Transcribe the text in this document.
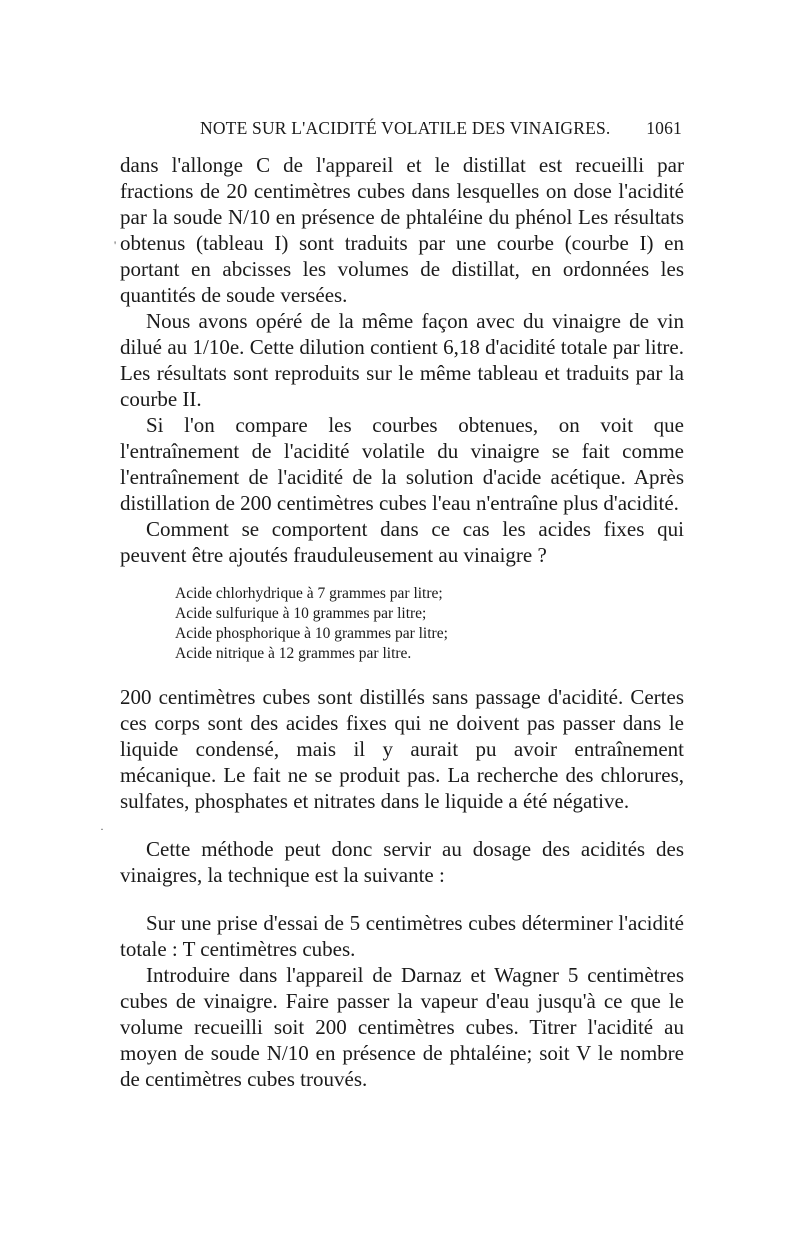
NOTE SUR L'ACIDITÉ VOLATILE DES VINAIGRES. 1061
'
·

dans l'allonge C de l'appareil et le distillat est recueilli par fractions de 20 centimètres cubes dans lesquelles on dose l'acidité par la soude N/10 en présence de phtaléine du phénol Les résultats obtenus (tableau I) sont traduits par une courbe (courbe I) en portant en abcisses les volumes de distillat, en ordonnées les quantités de soude versées.

Nous avons opéré de la même façon avec du vinaigre de vin dilué au 1/10e. Cette dilution contient 6,18 d'acidité totale par litre. Les résultats sont reproduits sur le même tableau et traduits par la courbe II.

Si l'on compare les courbes obtenues, on voit que l'entraînement de l'acidité volatile du vinaigre se fait comme l'entraînement de l'acidité de la solution d'acide acétique. Après distillation de 200 centimètres cubes l'eau n'entraîne plus d'acidité.

Comment se comportent dans ce cas les acides fixes qui peuvent être ajoutés frauduleusement au vinaigre ?

Acide chlorhydrique à 7 grammes par litre;
Acide sulfurique à 10 grammes par litre;
Acide phosphorique à 10 grammes par litre;
Acide nitrique à 12 grammes par litre.

200 centimètres cubes sont distillés sans passage d'acidité. Certes ces corps sont des acides fixes qui ne doivent pas passer dans le liquide condensé, mais il y aurait pu avoir entraînement mécanique. Le fait ne se produit pas. La recherche des chlorures, sulfates, phosphates et nitrates dans le liquide a été négative.

Cette méthode peut donc servir au dosage des acidités des vinaigres, la technique est la suivante :

Sur une prise d'essai de 5 centimètres cubes déterminer l'acidité totale : T centimètres cubes.

Introduire dans l'appareil de Darnaz et Wagner 5 centimètres cubes de vinaigre. Faire passer la vapeur d'eau jusqu'à ce que le volume recueilli soit 200 centimètres cubes. Titrer l'acidité au moyen de soude N/10 en présence de phtaléine; soit V le nombre de centimètres cubes trouvés.
